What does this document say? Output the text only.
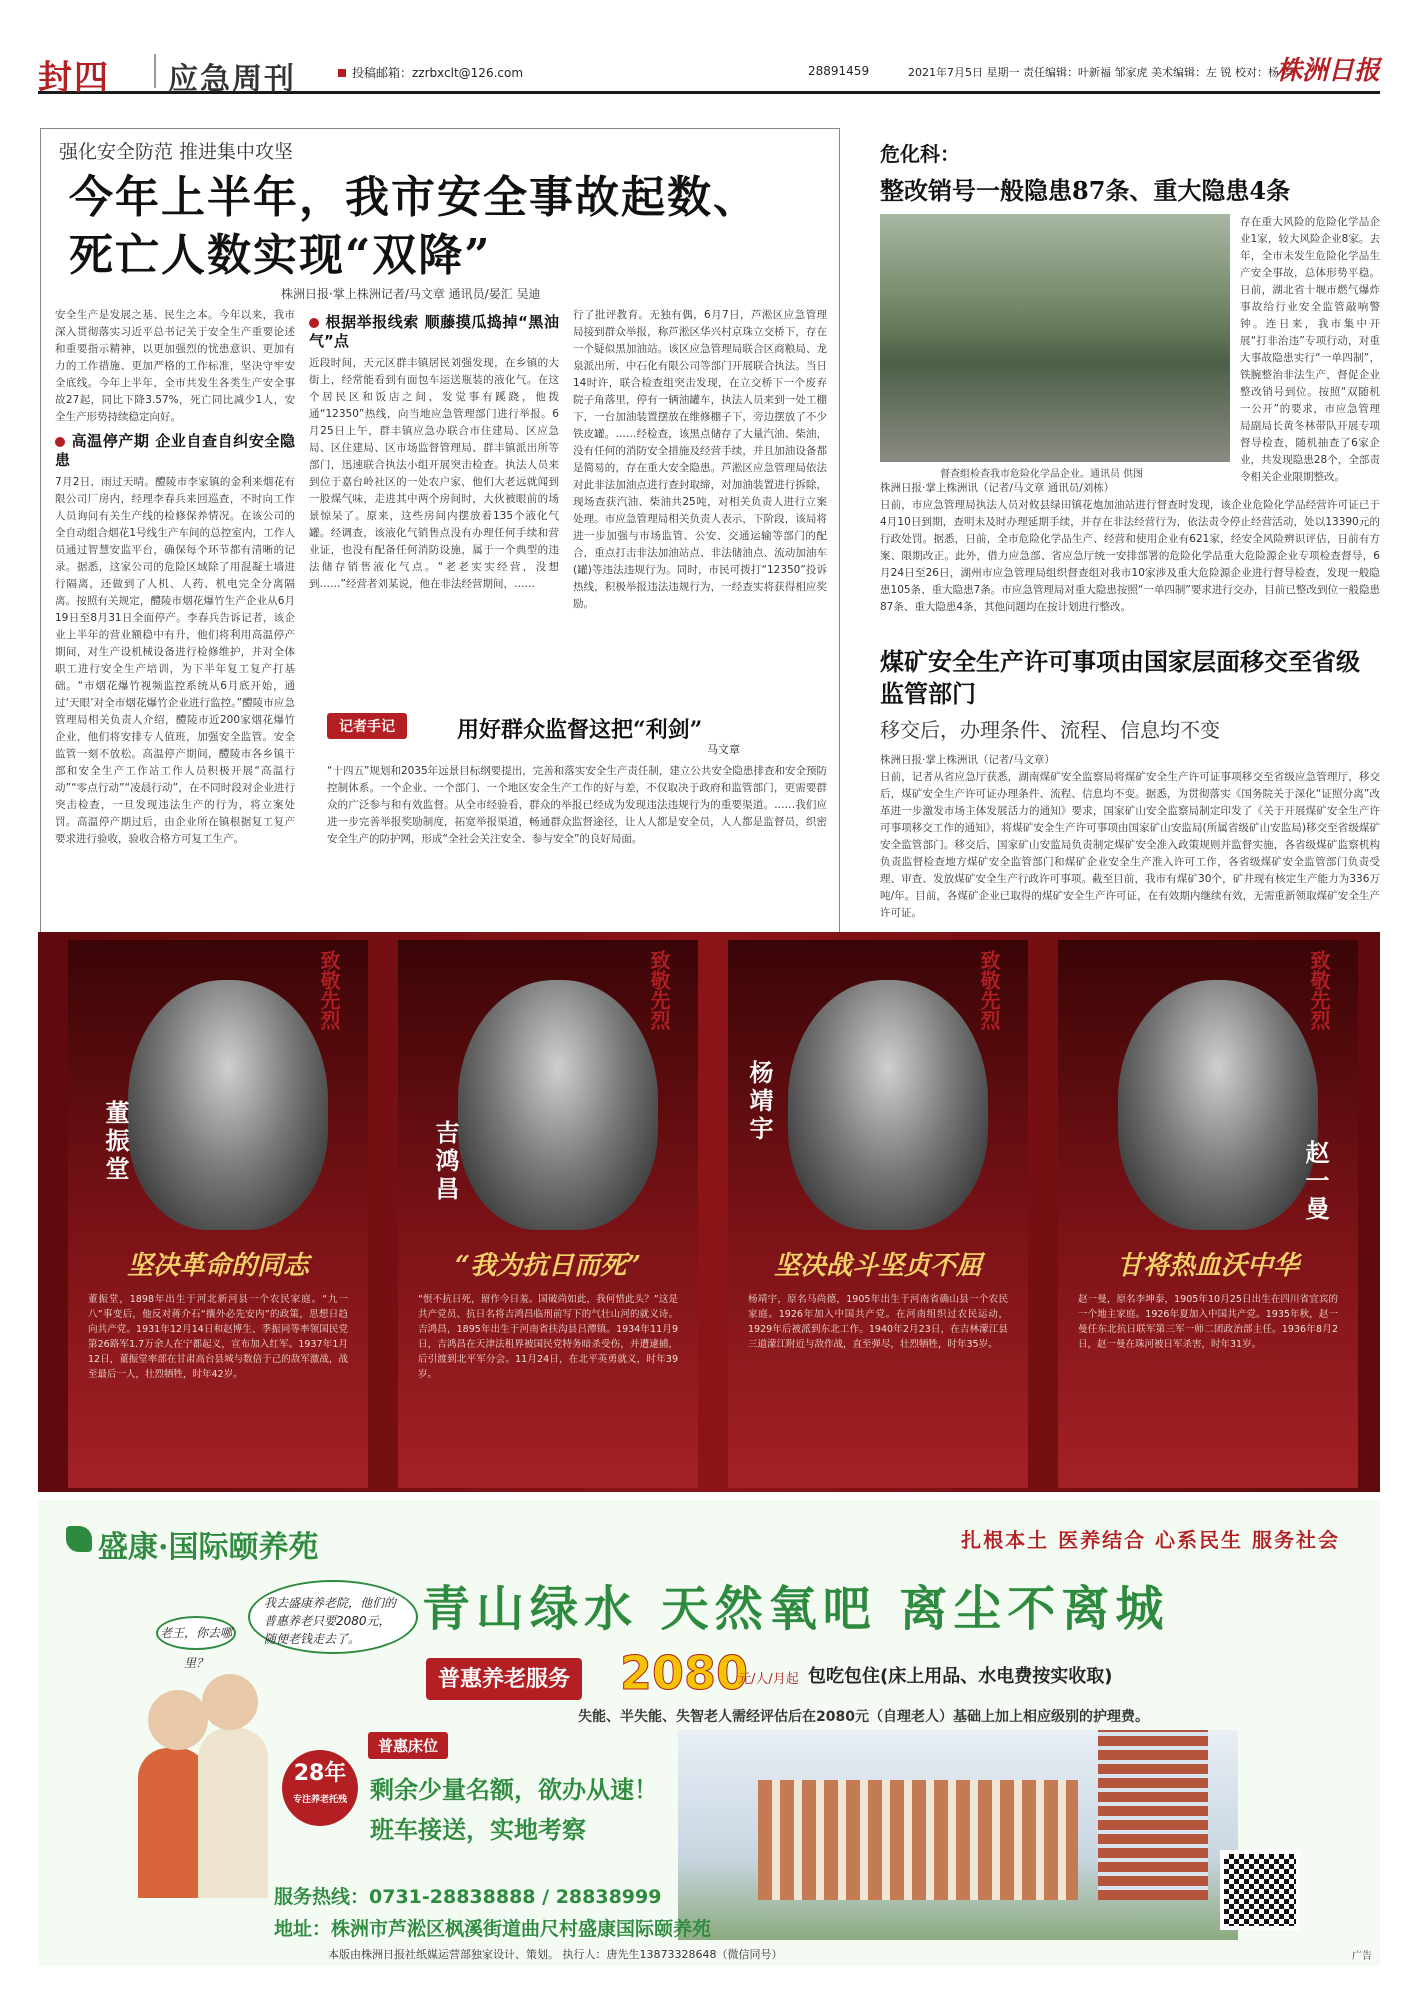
封四	应急周刊	投稿邮箱：zzrbxclt@126.com	28891459	2021年7月5日 星期一 责任编辑：叶新福 邹家虎 美术编辑：左 锐 校对：杨 卓
株洲日报
强化安全防范 推进集中攻坚
今年上半年，我市安全事故起数、死亡人数实现“双降”
株洲日报·掌上株洲记者/马文章 通讯员/晏汇 吴迪

安全生产是发展之基、民生之本。今年以来，我市深入贯彻落实习近平总书记关于安全生产重要论述和重要指示精神，以更加强烈的忧患意识、更加有力的工作措施、更加严格的工作标准，坚决守牢安全底线。今年上半年，全市共发生各类生产安全事故27起，同比下降3.57%，死亡同比减少1人，安全生产形势持续稳定向好。

高温停产期 企业自查自纠安全隐患

7月2日，雨过天晴。醴陵市李家镇的金利来烟花有限公司厂房内，经理李春兵来回巡查，不时向工作人员询问有关生产线的检修保养情况。在该公司的全自动组合烟花1号线生产车间的总控室内，工作人员通过智慧安监平台，确保每个环节都有清晰的记录。据悉，这家公司的危险区域除了用混凝土墙进行隔离，还做到了人机、人药、机电完全分离隔离。按照有关规定，醴陵市烟花爆竹生产企业从6月19日至8月31日全面停产。李春兵告诉记者，该企业上半年的营业额稳中有升，他们将利用高温停产期间，对生产设机械设备进行检修维护，并对全体职工进行安全生产培训，为下半年复工复产打基础。“市烟花爆竹视频监控系统从6月底开始，通过‘天眼’对全市烟花爆竹企业进行监控。”醴陵市应急管理局相关负责人介绍，醴陵市近200家烟花爆竹企业，他们将安排专人值班，加强安全监管。安全监管一刻不放松。高温停产期间，醴陵市各乡镇干部和安全生产工作站工作人员积极开展“高温行动”“零点行动”“凌晨行动”，在不同时段对企业进行突击检查，一旦发现违法生产的行为，将立案处罚。高温停产期过后，由企业所在镇根据复工复产要求进行验收，验收合格方可复工生产。

根据举报线索 顺藤摸瓜捣掉“黑油气”点

近段时间，天元区群丰镇居民刘强发现，在乡镇的大街上，经常能看到有面包车运送瓶装的液化气。在这个居民区和饭店之间，发觉事有蹊跷，他拨通“12350”热线，向当地应急管理部门进行举报。6月25日上午，群丰镇应急办联合市住建局、区应急局、区住建局、区市场监督管理局、群丰镇派出所等部门，迅速联合执法小组开展突击检查。执法人员来到位于嘉台岭社区的一处农户家，他们大老远就闻到一股煤气味，走进其中两个房间时，大伙被眼前的场景惊呆了。原来，这些房间内摆放着135个液化气罐。经调查，该液化气销售点没有办理任何手续和营业证，也没有配备任何消防设施，属于一个典型的违法储存销售液化气点。“老老实实经营，没想到……”经营者刘某说，他在非法经营期间，……

行了批评教育。无独有偶，6月7日，芦淞区应急管理局接到群众举报，称芦淞区华兴村京珠立交桥下，存在一个疑似黑加油站。该区应急管理局联合区商粮局、龙泉派出所、中石化有限公司等部门开展联合执法。当日14时许，联合检查组突击发现，在立交桥下一个废弃院子角落里，停有一辆油罐车，执法人员来到一处工棚下，一台加油装置摆放在维修棚子下，旁边摆放了不少铁皮罐。……经检查，该黑点储存了大量汽油、柴油，没有任何的消防安全措施及经营手续，并且加油设备都是简易的，存在重大安全隐患。芦淞区应急管理局依法对此非法加油点进行查封取缔，对加油装置进行拆除，现场查获汽油、柴油共25吨，对相关负责人进行立案处理。市应急管理局相关负责人表示，下阶段，该局将进一步加强与市场监管、公安、交通运输等部门的配合，重点打击非法加油站点、非法储油点、流动加油车(罐)等违法违规行为。同时，市民可拨打“12350”投诉热线，积极举报违法违规行为，一经查实将获得相应奖励。

记者手记	用好群众监督这把“利剑”
马文章
“十四五”规划和2035年远景目标纲要提出，完善和落实安全生产责任制，建立公共安全隐患排查和安全预防控制体系。一个企业、一个部门、一个地区安全生产工作的好与差，不仅取决于政府和监管部门，更需要群众的广泛参与和有效监督。从全市经验看，群众的举报已经成为发现违法违规行为的重要渠道。……我们应进一步完善举报奖励制度，拓宽举报渠道，畅通群众监督途径，让人人都是安全员，人人都是监督员，织密安全生产的防护网，形成“全社会关注安全、参与安全”的良好局面。
危化科：
整改销号一般隐患87条、重大隐患4条
督查组检查我市危险化学品企业。通讯员 供图
存在重大风险的危险化学品企业1家，较大风险企业8家。去年，全市未发生危险化学品生产安全事故，总体形势平稳。日前，湖北省十堰市燃气爆炸事故给行业安全监管敲响警钟。连日来，我市集中开展“打非治违”专项行动，对重大事故隐患实行“一单四制”，铁腕整治非法生产，督促企业整改销号到位。按照“双随机一公开”的要求，市应急管理局副局长黄冬林带队开展专项督导检查，随机抽查了6家企业，共发现隐患28个，全部责令相关企业限期整改。
株洲日报·掌上株洲讯（记者/马文章 通讯员/刘栋）
日前，市应急管理局执法人员对攸县绿田镇花炮加油站进行督查时发现，该企业危险化学品经营许可证已于4月10日到期，查明未及时办理延期手续，并存在非法经营行为，依法责令停止经营活动，处以13390元的行政处罚。据悉，日前，全市危险化学品生产、经营和使用企业有621家，经安全风险辨识评估，日前有方案、限期改正。此外，借力应急部、省应急厅统一安排部署的危险化学品重大危险源企业专项检查督导，6月24日至26日，湖州市应急管理局组织督查组对我市10家涉及重大危险源企业进行督导检查，发现一般隐患105条、重大隐患7条。市应急管理局对重大隐患按照“一单四制”要求进行交办，目前已整改到位一般隐患87条、重大隐患4条，其他问题均在按计划进行整改。
煤矿安全生产许可事项由国家层面移交至省级监管部门
移交后，办理条件、流程、信息均不变
株洲日报·掌上株洲讯（记者/马文章）
日前，记者从省应急厅获悉，湖南煤矿安全监察局将煤矿安全生产许可证事项移交至省级应急管理厅，移交后，煤矿安全生产许可证办理条件、流程、信息均不变。据悉，为贯彻落实《国务院关于深化“证照分离”改革进一步激发市场主体发展活力的通知》要求，国家矿山安全监察局制定印发了《关于开展煤矿安全生产许可事项移交工作的通知》，将煤矿安全生产许可事项由国家矿山安监局(所属省级矿山安监局)移交至省级煤矿安全监管部门。移交后，国家矿山安监局负责制定煤矿安全准入政策规则并监督实施，各省级煤矿监察机构负责监督检查地方煤矿安全监管部门和煤矿企业安全生产准入许可工作，各省级煤矿安全监管部门负责受理、审查、发放煤矿安全生产行政许可事项。截至目前，我市有煤矿30个，矿井现有核定生产能力为336万吨/年。目前，各煤矿企业已取得的煤矿安全生产许可证，在有效期内继续有效，无需重新领取煤矿安全生产许可证。
致敬先烈
董振堂
坚决革命的同志
董振堂，1898年出生于河北新河县一个农民家庭。“九一八”事变后，他反对蒋介石“攘外必先安内”的政策，思想日趋向共产党。1931年12月14日和赵博生、季振同等率领国民党第26路军1.7万余人在宁都起义，宣布加入红军。1937年1月12日，董振堂率部在甘肃高台县城与数倍于己的敌军激战，战至最后一人，壮烈牺牲，时年42岁。
致敬先烈
吉鸿昌
“我为抗日而死”
“恨不抗日死，留作今日羞。国破尚如此，我何惜此头？”这是共产党员、抗日名将吉鸿昌临刑前写下的气壮山河的就义诗。吉鸿昌，1895年出生于河南省扶沟县吕潭镇。1934年11月9日，吉鸿昌在天津法租界被国民党特务暗杀受伤，并遭逮捕，后引渡到北平军分会。11月24日，在北平英勇就义，时年39岁。
致敬先烈
杨靖宇
坚决战斗坚贞不屈
杨靖宇，原名马尚德，1905年出生于河南省确山县一个农民家庭。1926年加入中国共产党。在河南组织过农民运动，1929年后被派到东北工作。1940年2月23日，在吉林濛江县三道濛江附近与敌作战，直至弹尽，壮烈牺牲，时年35岁。
致敬先烈
赵一曼
甘将热血沃中华
赵一曼，原名李坤泰，1905年10月25日出生在四川省宜宾的一个地主家庭。1926年夏加入中国共产党。1935年秋，赵一曼任东北抗日联军第三军一师二团政治部主任。1936年8月2日，赵一曼在珠河被日军杀害，时年31岁。
盛康·国际颐养苑	扎根本土 医养结合 心系民生 服务社会
青山绿水 天然氧吧 离尘不离城
我去盛康养老院，他们的普惠养老只要2080元，随便老钱走去了。
老王，你去哪里？
普惠养老服务 2080
元/人/月起 包吃包住(床上用品、水电费按实收取)
失能、半失能、失智老人需经评估后在2080元（自理老人）基础上加上相应级别的护理费。
普惠床位
28年
专注养老托残 剩余少量名额，欲办从速！
班车接送，实地考察
服务热线：0731-28838888 / 28838999
地址：株洲市芦淞区枫溪街道曲尺村盛康国际颐养苑
本版由株洲日报社纸媒运营部独家设计、策划。 执行人：唐先生13873328648（微信同号）	广告
